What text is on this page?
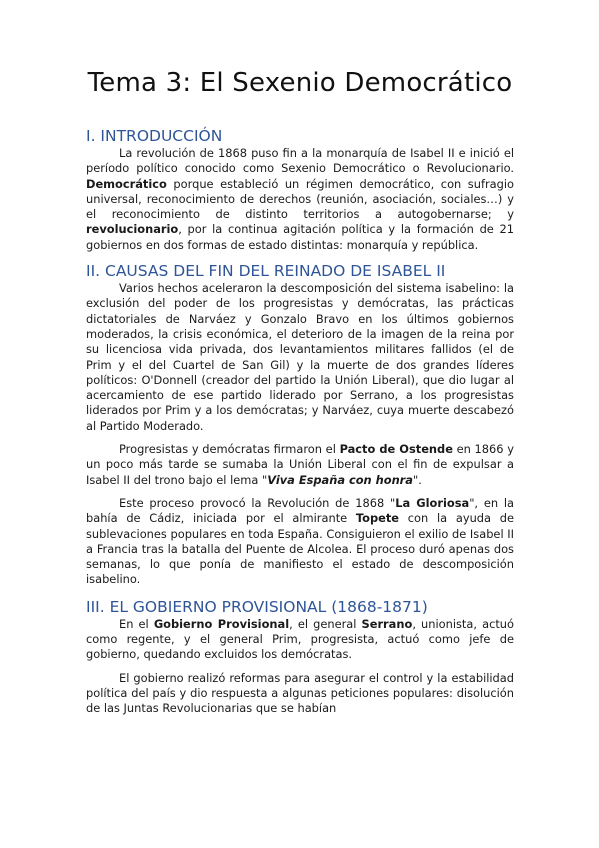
Tema 3: El Sexenio Democrático
I. INTRODUCCIÓN

La revolución de 1868 puso fin a la monarquía de Isabel II e inició el período político conocido como Sexenio Democrático o Revolucionario. Democrático porque estableció un régimen democrático, con sufragio universal, reconocimiento de derechos (reunión, asociación, sociales…) y el reconocimiento de distinto territorios a autogobernarse; y revolucionario, por la continua agitación política y la formación de 21 gobiernos en dos formas de estado distintas: monarquía y república.

II. CAUSAS DEL FIN DEL REINADO DE ISABEL II

Varios hechos aceleraron la descomposición del sistema isabelino: la exclusión del poder de los progresistas y demócratas, las prácticas dictatoriales de Narváez y Gonzalo Bravo en los últimos gobiernos moderados, la crisis económica, el deterioro de la imagen de la reina por su licenciosa vida privada, dos levantamientos militares fallidos (el de Prim y el del Cuartel de San Gil) y la muerte de dos grandes líderes políticos: O'Donnell (creador del partido la Unión Liberal), que dio lugar al acercamiento de ese partido liderado por Serrano, a los progresistas liderados por Prim y a los demócratas; y Narváez, cuya muerte descabezó al Partido Moderado.

Progresistas y demócratas firmaron el Pacto de Ostende en 1866 y un poco más tarde se sumaba la Unión Liberal con el fin de expulsar a Isabel II del trono bajo el lema "Viva España con honra".

Este proceso provocó la Revolución de 1868 "La Gloriosa", en la bahía de Cádiz, iniciada por el almirante Topete con la ayuda de sublevaciones populares en toda España. Consiguieron el exilio de Isabel II a Francia tras la batalla del Puente de Alcolea. El proceso duró apenas dos semanas, lo que ponía de manifiesto el estado de descomposición isabelino.

III. EL GOBIERNO PROVISIONAL (1868-1871)

En el Gobierno Provisional, el general Serrano, unionista, actuó como regente, y el general Prim, progresista, actuó como jefe de gobierno, quedando excluidos los demócratas.

El gobierno realizó reformas para asegurar el control y la estabilidad política del país y dio respuesta a algunas peticiones populares: disolución de las Juntas Revolucionarias que se habían
